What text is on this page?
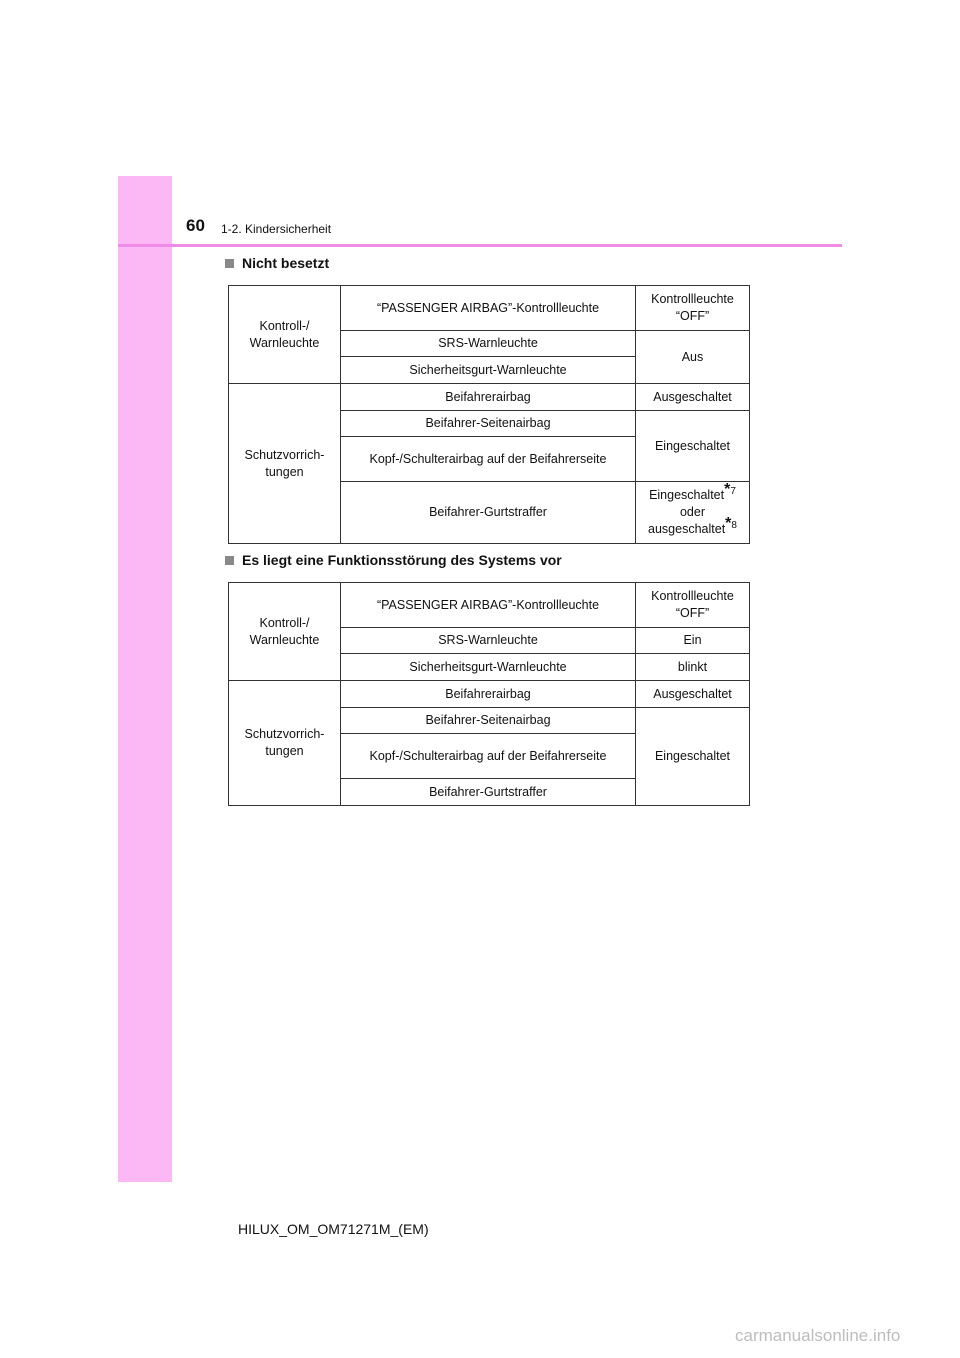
60 1-2. Kindersicherheit
Nicht besetzt
Kontroll-/ Warnleuchte	“PASSENGER AIRBAG”-Kontrollleuchte	Kontrollleuchte “OFF”
	SRS-Warnleuchte	Aus
	Sicherheitsgurt-Warnleuchte	
Schutzvorrich- tungen	Beifahrerairbag	Ausgeschaltet
	Beifahrer-Seitenairbag	Eingeschaltet
	Kopf-/Schulterairbag auf der Beifahrerseite	
	Beifahrer-Gurtstraffer	Eingeschaltet$^{*7}$
oder
ausgeschaltet$^{*8}$
Es liegt eine Funktionsstörung des Systems vor
Kontroll-/ Warnleuchte	“PASSENGER AIRBAG”-Kontrollleuchte	Kontrollleuchte “OFF”
	SRS-Warnleuchte	Ein
	Sicherheitsgurt-Warnleuchte	blinkt
Schutzvorrich- tungen	Beifahrerairbag	Ausgeschaltet
	Beifahrer-Seitenairbag	Eingeschaltet
	Kopf-/Schulterairbag auf der Beifahrerseite	
	Beifahrer-Gurtstraffer	
HILUX_OM_OM71271M_(EM)
carmanualsonline.info
